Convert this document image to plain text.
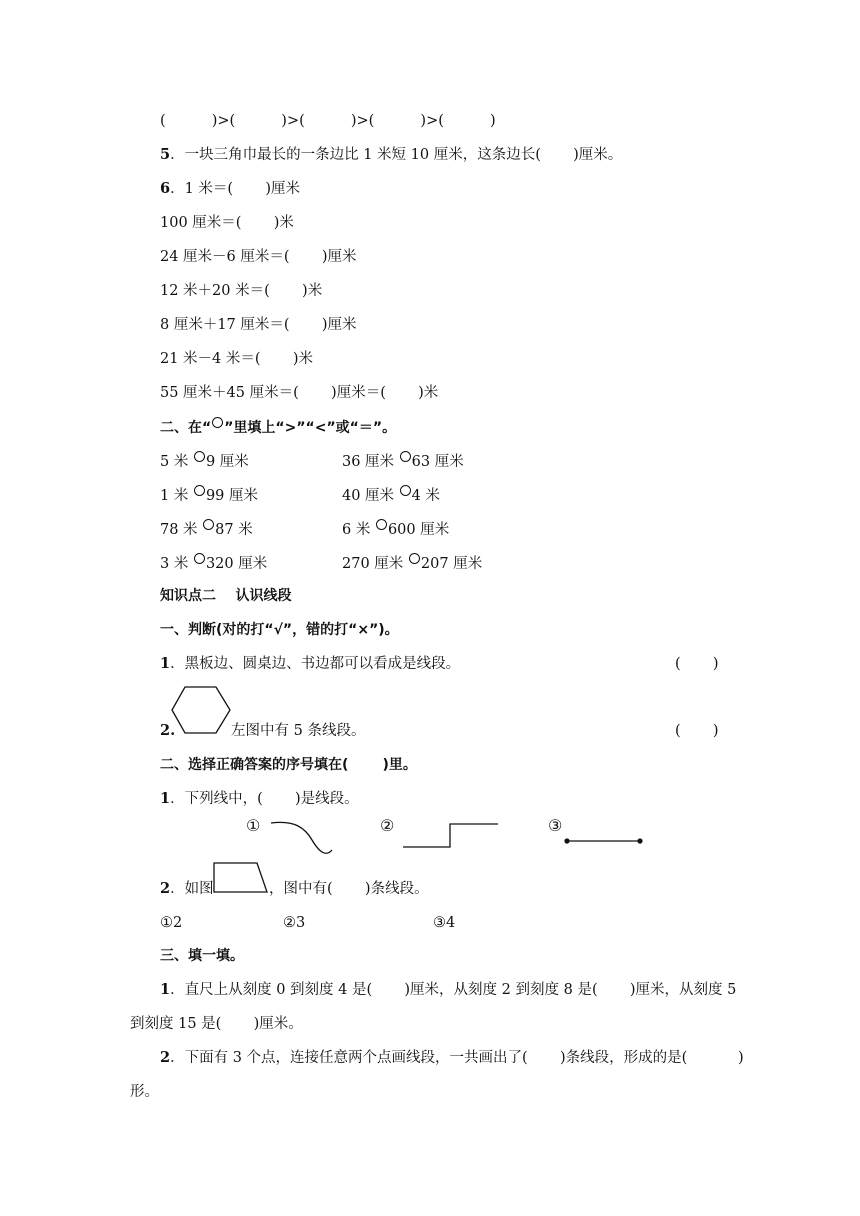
(          )>(          )>(          )>(          )>(          )
5．一块三角巾最长的一条边比 1 米短 10 厘米，这条边长(       )厘米。
6．1 米＝(       )厘米
100 厘米＝(       )米
24 厘米－6 厘米＝(       )厘米
12 米＋20 米＝(       )米
8 厘米＋17 厘米＝(       )厘米
21 米－4 米＝(       )米
55 厘米＋45 厘米＝(       )厘米＝(       )米
二、在“ ”里填上“>”“<”或“＝”。
5 米 9 厘米	36 厘米 63 厘米
1 米 99 厘米	40 厘米 4 米
78 米 87 米	6 米 600 厘米
3 米 320 厘米	270 厘米 207 厘米
知识点二    认识线段
一、判断(对的打“√”，错的打“×”)。
1．黑板边、圆桌边、书边都可以看成是线段。	(       )
2.	左图中有 5 条线段。	(       )
二、选择正确答案的序号填在(       )里。
1．下列线中，(       )是线段。
①	②	③
2．如图	，图中有(       )条线段。
①2	②3	③4
三、填一填。
1．直尺上从刻度 0 到刻度 4 是(       )厘米，从刻度 2 到刻度 8 是(       )厘米，从刻度 5
到刻度 15 是(       )厘米。
2．下面有 3 个点，连接任意两个点画线段，一共画出了(       )条线段，形成的是(           )
形。
